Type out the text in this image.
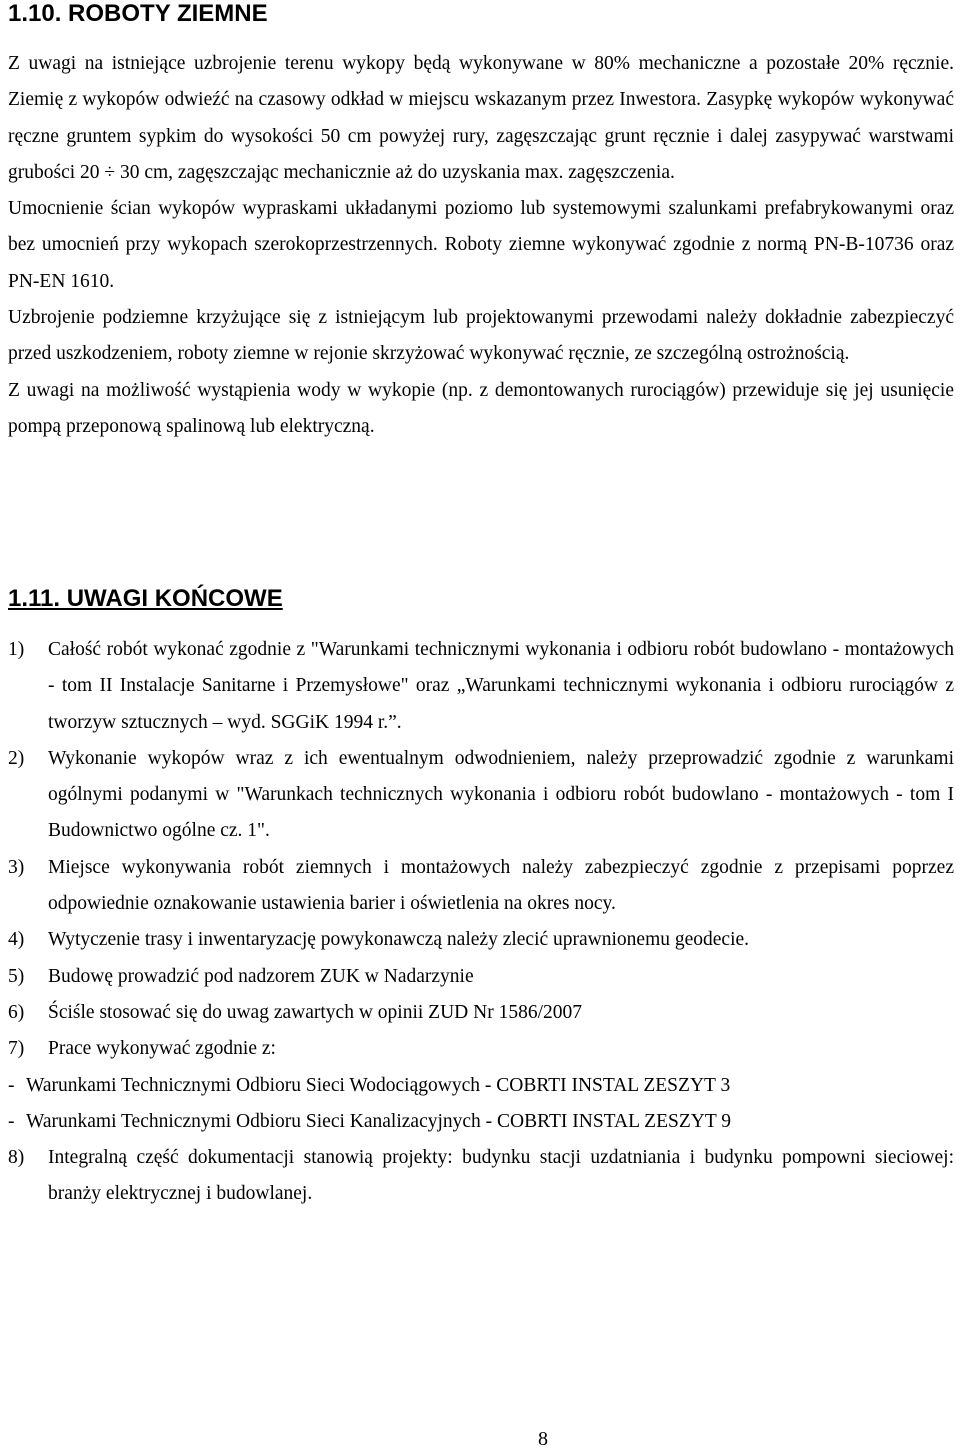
1.10. ROBOTY ZIEMNE

Z uwagi na istniejące uzbrojenie terenu wykopy będą wykonywane w 80% mechaniczne a pozostałe 20% ręcznie. Ziemię z wykopów odwieźć na czasowy odkład w miejscu wskazanym przez Inwestora. Zasypkę wykopów wykonywać ręczne gruntem sypkim do wysokości 50 cm powyżej rury, zagęszczając grunt ręcznie i dalej zasypywać warstwami grubości 20 ÷ 30 cm, zagęszczając mechanicznie aż do uzyskania max. zagęszczenia.

Umocnienie ścian wykopów wypraskami układanymi poziomo lub systemowymi szalunkami prefabrykowanymi oraz bez umocnień przy wykopach szerokoprzestrzennych. Roboty ziemne wykonywać zgodnie z normą PN-B-10736 oraz PN-EN 1610.

Uzbrojenie podziemne krzyżujące się z istniejącym lub projektowanymi przewodami należy dokładnie zabezpieczyć przed uszkodzeniem, roboty ziemne w rejonie skrzyżować wykonywać ręcznie, ze szczególną ostrożnością.

Z uwagi na możliwość wystąpienia wody w wykopie (np. z demontowanych rurociągów) przewiduje się jej usunięcie pompą przeponową spalinową lub elektryczną.

1.11. UWAGI KOŃCOWE
1)	Całość robót wykonać zgodnie z "Warunkami technicznymi wykonania i odbioru robót budowlano - montażowych - tom II Instalacje Sanitarne i Przemysłowe" oraz „Warunkami technicznymi wykonania i odbioru rurociągów z tworzyw sztucznych – wyd. SGGiK 1994 r.”.
2)	Wykonanie wykopów wraz z ich ewentualnym odwodnieniem, należy przeprowadzić zgodnie z warunkami ogólnymi podanymi w "Warunkach technicznych wykonania i odbioru robót budowlano - montażowych - tom I Budownictwo ogólne cz. 1".
3)	Miejsce wykonywania robót ziemnych i montażowych należy zabezpieczyć zgodnie z przepisami poprzez odpowiednie oznakowanie ustawienia barier i oświetlenia na okres nocy.
4)	Wytyczenie trasy i inwentaryzację powykonawczą należy zlecić uprawnionemu geodecie.
5)	Budowę prowadzić pod nadzorem ZUK w Nadarzynie
6)	Ściśle stosować się do uwag zawartych w opinii ZUD Nr 1586/2007
7)	Prace wykonywać zgodnie z:
- Warunkami Technicznymi Odbioru Sieci Wodociągowych - COBRTI INSTAL ZESZYT 3
- Warunkami Technicznymi Odbioru Sieci Kanalizacyjnych - COBRTI INSTAL ZESZYT 9
8)	Integralną część dokumentacji stanowią projekty: budynku stacji uzdatniania i budynku pompowni sieciowej: branży elektrycznej i budowlanej.
8
